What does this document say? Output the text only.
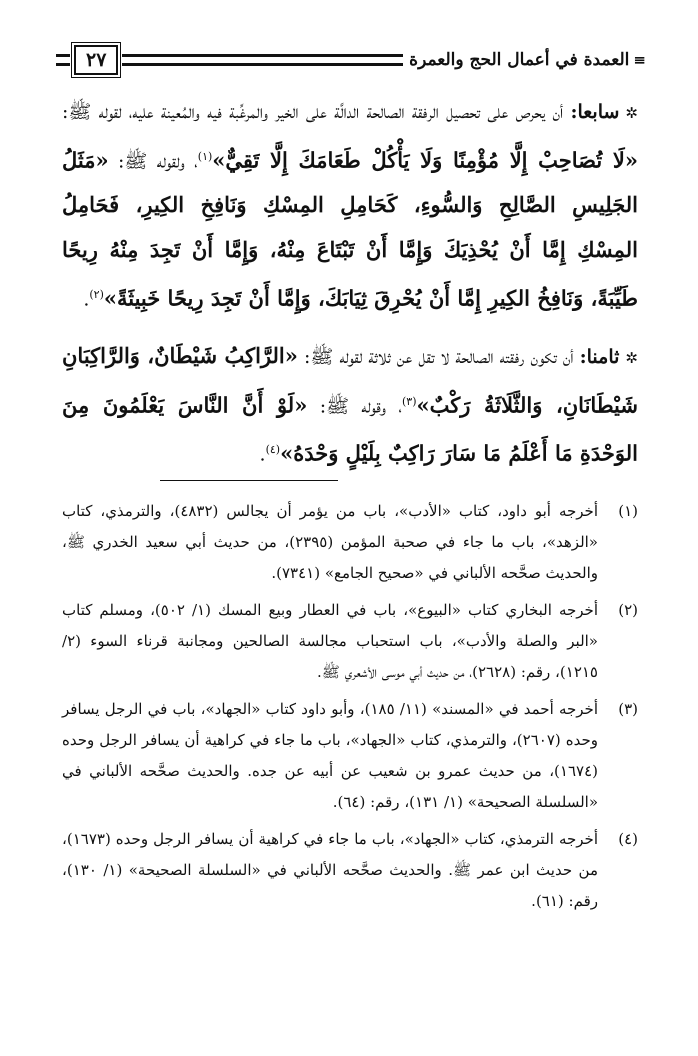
≡
العمدة في أعمال الحج والعمرة
٢٧

✲سابعا: أن يحرص على تحصيل الرفقة الصالحة الدالَّة على الخير والمرغِّبة فيه والمُعينة عليه، لقوله ﷺ: «لَا تُصَاحِبْ إِلَّا مُؤْمِنًا وَلَا يَأْكُلْ طَعَامَكَ إِلَّا تَقِيٌّ»$^{(١)}$، ولقوله ﷺ: «مَثَلُ الجَلِيسِ الصَّالِحِ وَالسُّوءِ، كَحَامِلِ المِسْكِ وَنَافِخِ الكِيرِ، فَحَامِلُ المِسْكِ إِمَّا أَنْ يُحْذِيَكَ وَإِمَّا أَنْ تَبْتَاعَ مِنْهُ، وَإِمَّا أَنْ تَجِدَ مِنْهُ رِيحًا طَيِّبَةً، وَنَافِخُ الكِيرِ إِمَّا أَنْ يُحْرِقَ ثِيَابَكَ، وَإِمَّا أَنْ تَجِدَ رِيحًا خَبِيثَةً»$^{(٢)}$.

✲ثامنا: أن تكون رفقته الصالحة لا تقل عن ثلاثة لقوله ﷺ: «الرَّاكِبُ شَيْطَانٌ، وَالرَّاكِبَانِ شَيْطَانَانِ، وَالثَّلَاثَةُ رَكْبٌ»$^{(٣)}$، وقوله ﷺ: «لَوْ أَنَّ النَّاسَ يَعْلَمُونَ مِنَ الوَحْدَةِ مَا أَعْلَمُ مَا سَارَ رَاكِبٌ بِلَيْلٍ وَحْدَهُ»$^{(٤)}$.

(١)
أخرجه أبو داود، كتاب «الأدب»، باب من يؤمر أن يجالس (٤٨٣٢)، والترمذي، كتاب «الزهد»، باب ما جاء في صحبة المؤمن (٢٣٩٥)، من حديث أبي سعيد الخدري ﷺ، والحديث صحَّحه الألباني في «صحيح الجامع» (٧٣٤١).
(٢)
أخرجه البخاري كتاب «البيوع»، باب في العطار وبيع المسك (١/ ٥٠٢)، ومسلم كتاب «البر والصلة والأدب»، باب استحباب مجالسة الصالحين ومجانبة قرناء السوء (٢/ ١٢١٥)، رقم: (٢٦٢٨)، من حديث أبي موسى الأشعري ﷺ.
(٣)
أخرجه أحمد في «المسند» (١١/ ١٨٥)، وأبو داود كتاب «الجهاد»، باب في الرجل يسافر وحده (٢٦٠٧)، والترمذي، كتاب «الجهاد»، باب ما جاء في كراهية أن يسافر الرجل وحده (١٦٧٤)، من حديث عمرو بن شعيب عن أبيه عن جده. والحديث صحَّحه الألباني في «السلسلة الصحيحة» (١/ ١٣١)، رقم: (٦٤).
(٤)
أخرجه الترمذي، كتاب «الجهاد»، باب ما جاء في كراهية أن يسافر الرجل وحده (١٦٧٣)، من حديث ابن عمر ﷺ. والحديث صحَّحه الألباني في «السلسلة الصحيحة» (١/ ١٣٠)، رقم: (٦١).
